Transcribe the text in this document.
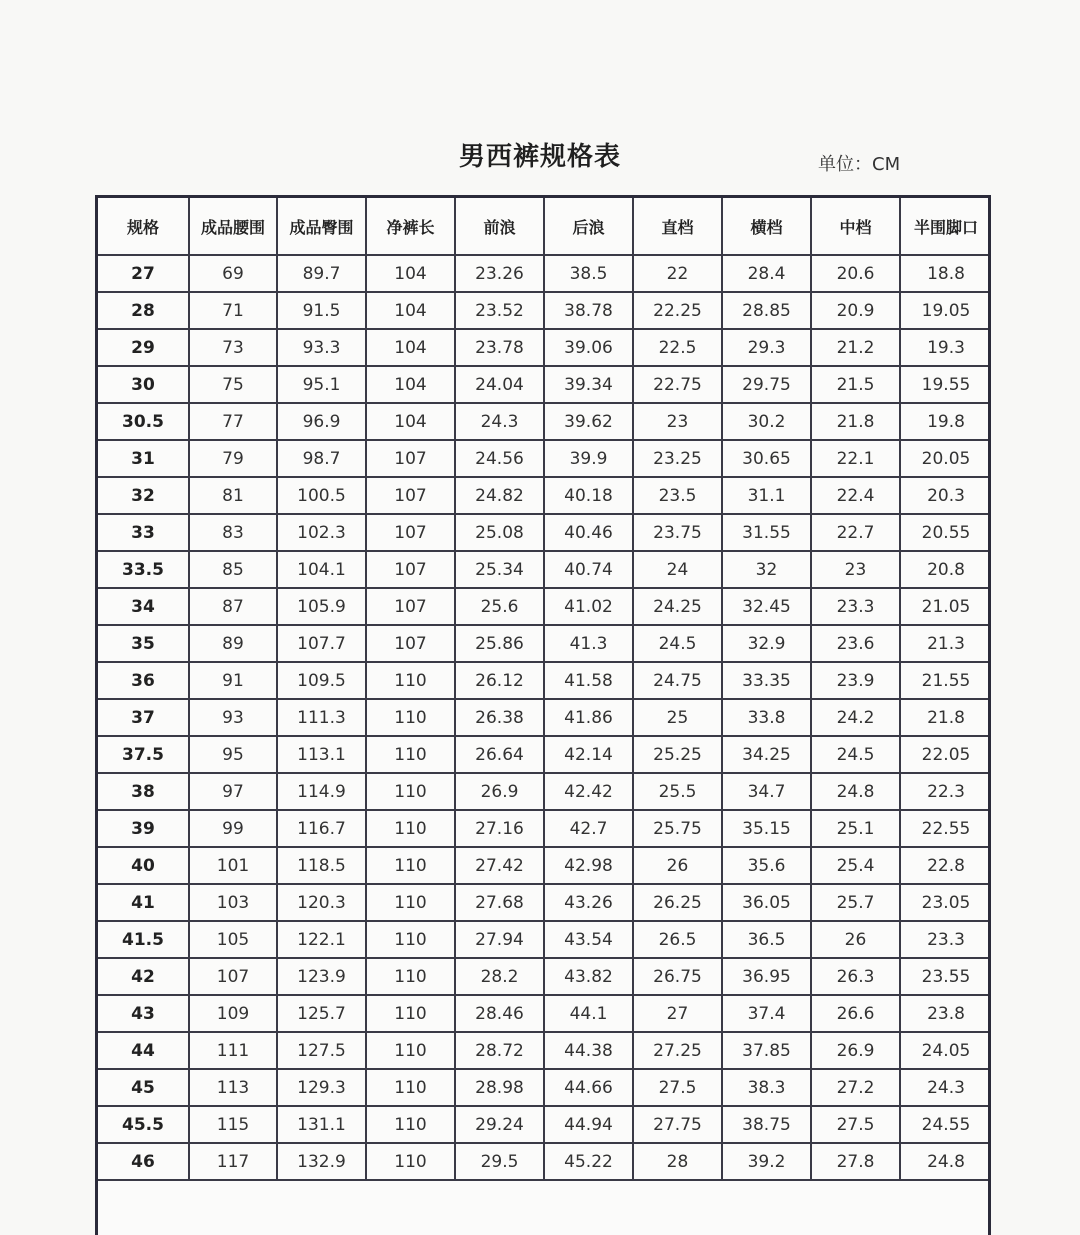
男西裤规格表	单位：CM
规格	成品腰围	成品臀围	净裤长	前浪	后浪	直档	横档	中档	半围脚口
27	69	89.7	104	23.26	38.5	22	28.4	20.6	18.8
28	71	91.5	104	23.52	38.78	22.25	28.85	20.9	19.05
29	73	93.3	104	23.78	39.06	22.5	29.3	21.2	19.3
30	75	95.1	104	24.04	39.34	22.75	29.75	21.5	19.55
30.5	77	96.9	104	24.3	39.62	23	30.2	21.8	19.8
31	79	98.7	107	24.56	39.9	23.25	30.65	22.1	20.05
32	81	100.5	107	24.82	40.18	23.5	31.1	22.4	20.3
33	83	102.3	107	25.08	40.46	23.75	31.55	22.7	20.55
33.5	85	104.1	107	25.34	40.74	24	32	23	20.8
34	87	105.9	107	25.6	41.02	24.25	32.45	23.3	21.05
35	89	107.7	107	25.86	41.3	24.5	32.9	23.6	21.3
36	91	109.5	110	26.12	41.58	24.75	33.35	23.9	21.55
37	93	111.3	110	26.38	41.86	25	33.8	24.2	21.8
37.5	95	113.1	110	26.64	42.14	25.25	34.25	24.5	22.05
38	97	114.9	110	26.9	42.42	25.5	34.7	24.8	22.3
39	99	116.7	110	27.16	42.7	25.75	35.15	25.1	22.55
40	101	118.5	110	27.42	42.98	26	35.6	25.4	22.8
41	103	120.3	110	27.68	43.26	26.25	36.05	25.7	23.05
41.5	105	122.1	110	27.94	43.54	26.5	36.5	26	23.3
42	107	123.9	110	28.2	43.82	26.75	36.95	26.3	23.55
43	109	125.7	110	28.46	44.1	27	37.4	26.6	23.8
44	111	127.5	110	28.72	44.38	27.25	37.85	26.9	24.05
45	113	129.3	110	28.98	44.66	27.5	38.3	27.2	24.3
45.5	115	131.1	110	29.24	44.94	27.75	38.75	27.5	24.55
46	117	132.9	110	29.5	45.22	28	39.2	27.8	24.8
